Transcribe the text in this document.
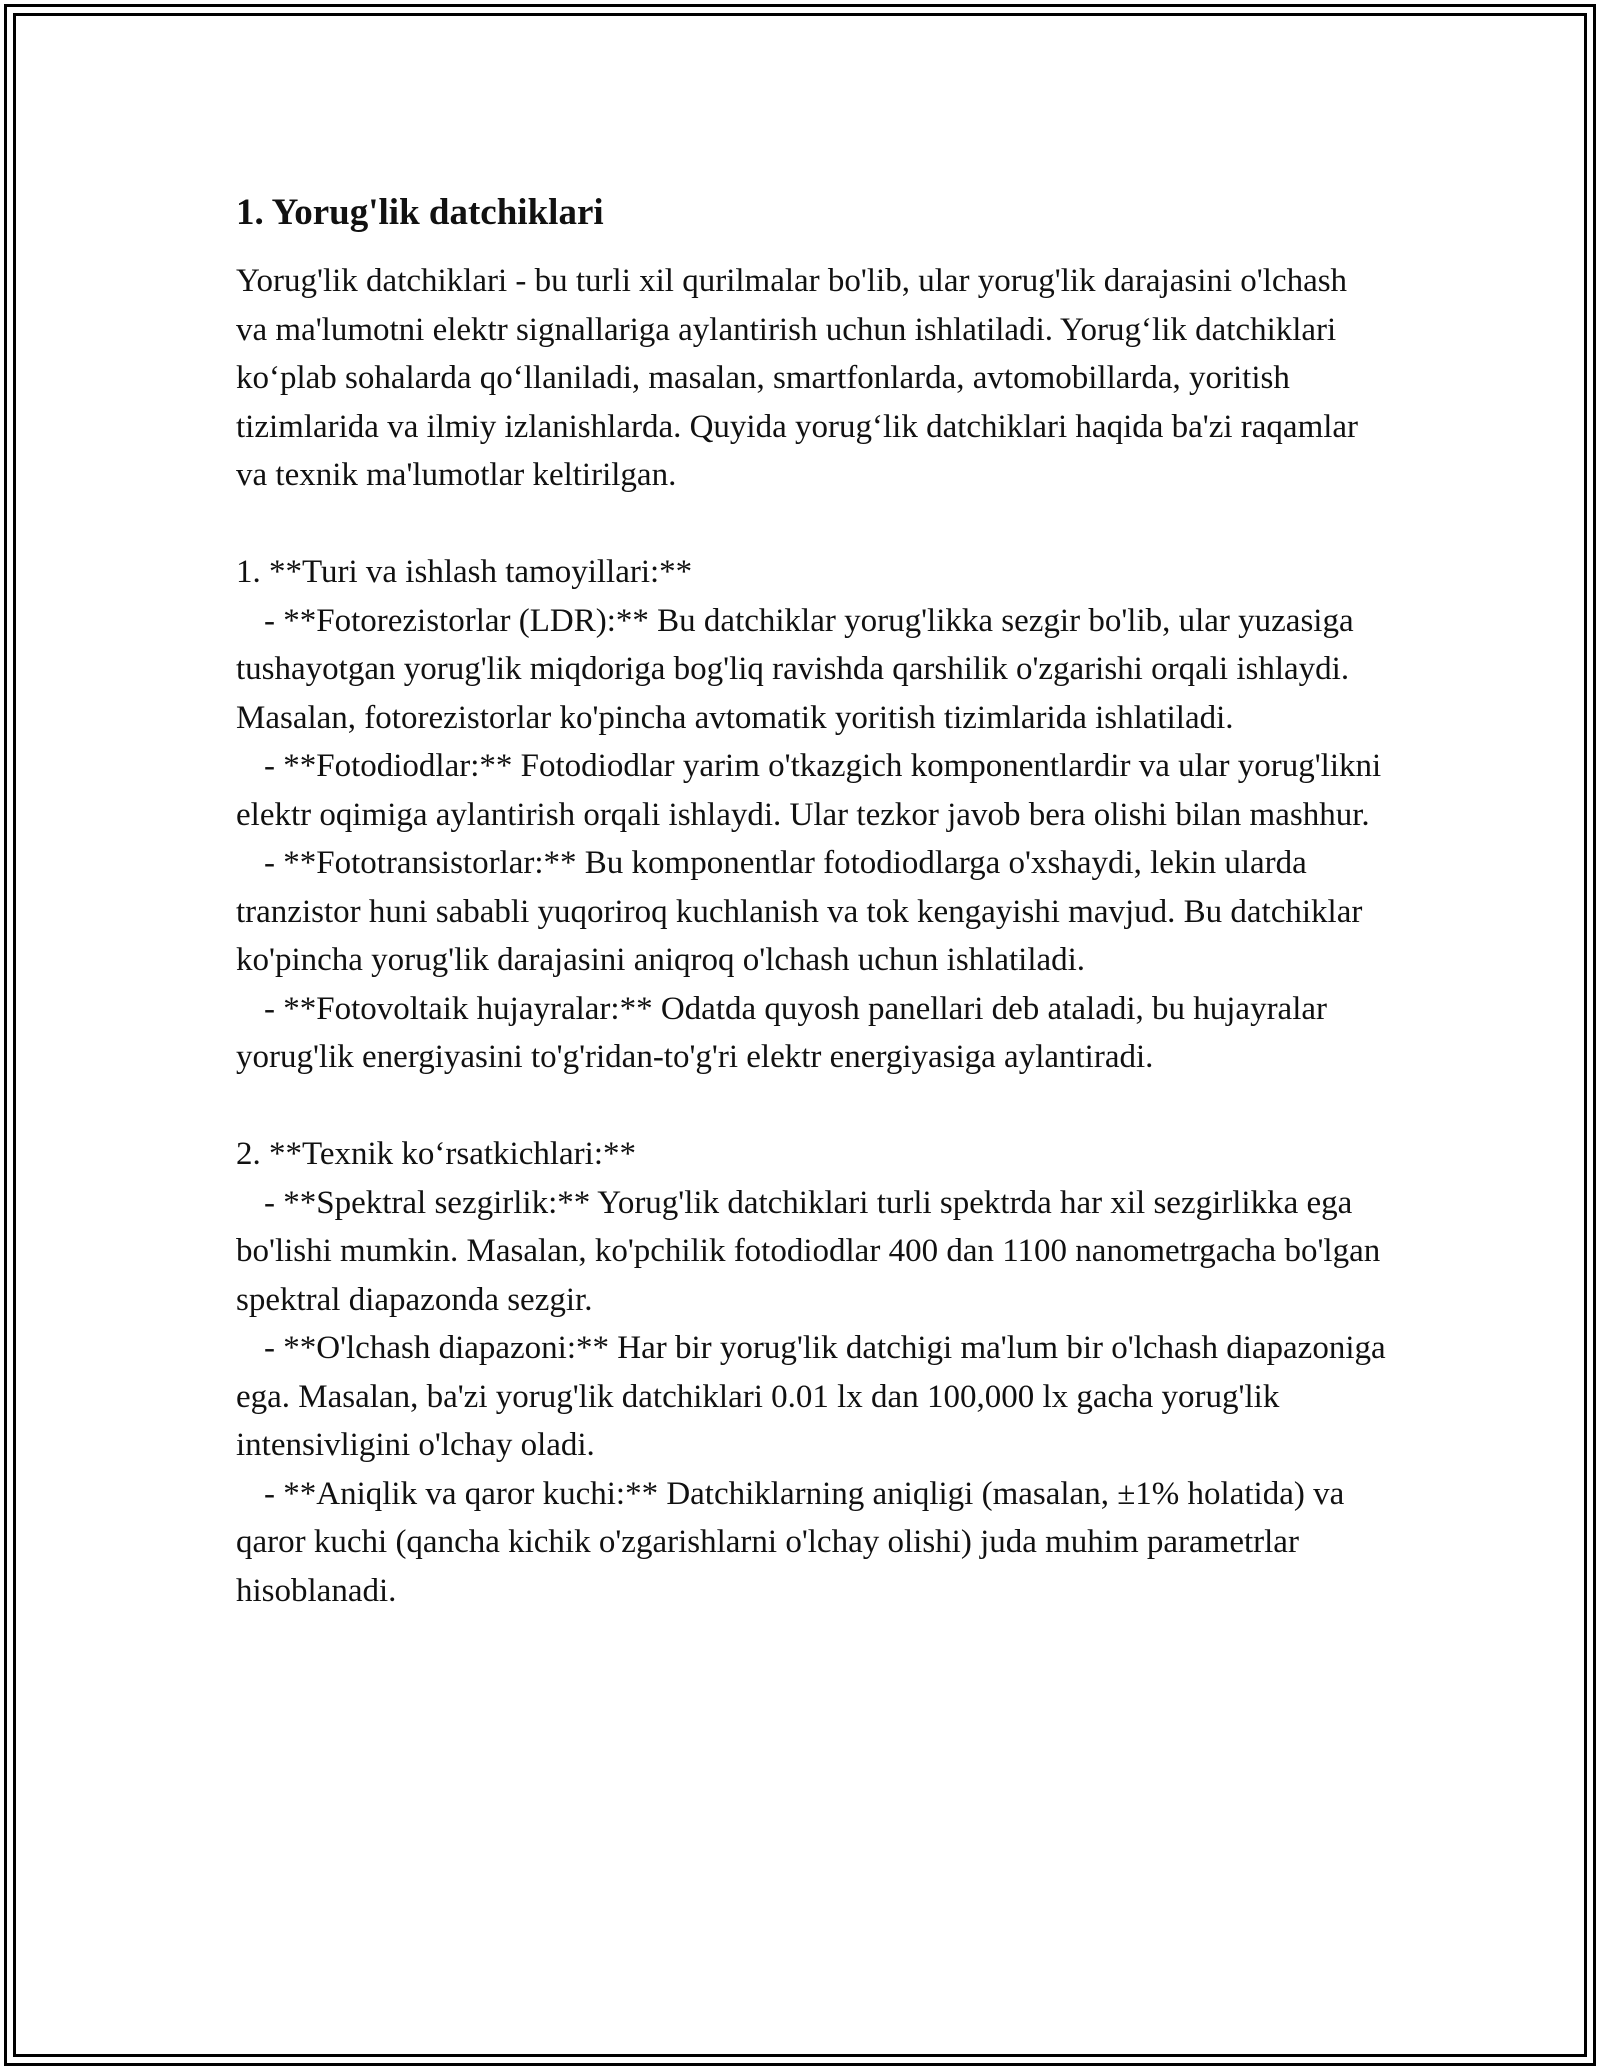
1. Yorug'lik datchiklari

Yorug'lik datchiklari - bu turli xil qurilmalar bo'lib, ular yorug'lik darajasini o'lchash va ma'lumotni elektr signallariga aylantirish uchun ishlatiladi. Yorug‘lik datchiklari ko‘plab sohalarda qo‘llaniladi, masalan, smartfonlarda, avtomobillarda, yoritish tizimlarida va ilmiy izlanishlarda. Quyida yorug‘lik datchiklari haqida ba'zi raqamlar va texnik ma'lumotlar keltirilgan.

1. **Turi va ishlash tamoyillari:**

- **Fotorezistorlar (LDR):** Bu datchiklar yorug'likka sezgir bo'lib, ular yuzasiga tushayotgan yorug'lik miqdoriga bog'liq ravishda qarshilik o'zgarishi orqali ishlaydi. Masalan, fotorezistorlar ko'pincha avtomatik yoritish tizimlarida ishlatiladi.

- **Fotodiodlar:** Fotodiodlar yarim o'tkazgich komponentlardir va ular yorug'likni elektr oqimiga aylantirish orqali ishlaydi. Ular tezkor javob bera olishi bilan mashhur.

- **Fototransistorlar:** Bu komponentlar fotodiodlarga o'xshaydi, lekin ularda tranzistor huni sababli yuqoriroq kuchlanish va tok kengayishi mavjud. Bu datchiklar ko'pincha yorug'lik darajasini aniqroq o'lchash uchun ishlatiladi.

- **Fotovoltaik hujayralar:** Odatda quyosh panellari deb ataladi, bu hujayralar yorug'lik energiyasini to'g'ridan-to'g'ri elektr energiyasiga aylantiradi.

2. **Texnik ko‘rsatkichlari:**

- **Spektral sezgirlik:** Yorug'lik datchiklari turli spektrda har xil sezgirlikka ega bo'lishi mumkin. Masalan, ko'pchilik fotodiodlar 400 dan 1100 nanometrgacha bo'lgan spektral diapazonda sezgir.

- **O'lchash diapazoni:** Har bir yorug'lik datchigi ma'lum bir o'lchash diapazoniga ega. Masalan, ba'zi yorug'lik datchiklari 0.01 lx dan 100,000 lx gacha yorug'lik intensivligini o'lchay oladi.

- **Aniqlik va qaror kuchi:** Datchiklarning aniqligi (masalan, ±1% holatida) va qaror kuchi (qancha kichik o'zgarishlarni o'lchay olishi) juda muhim parametrlar hisoblanadi.
